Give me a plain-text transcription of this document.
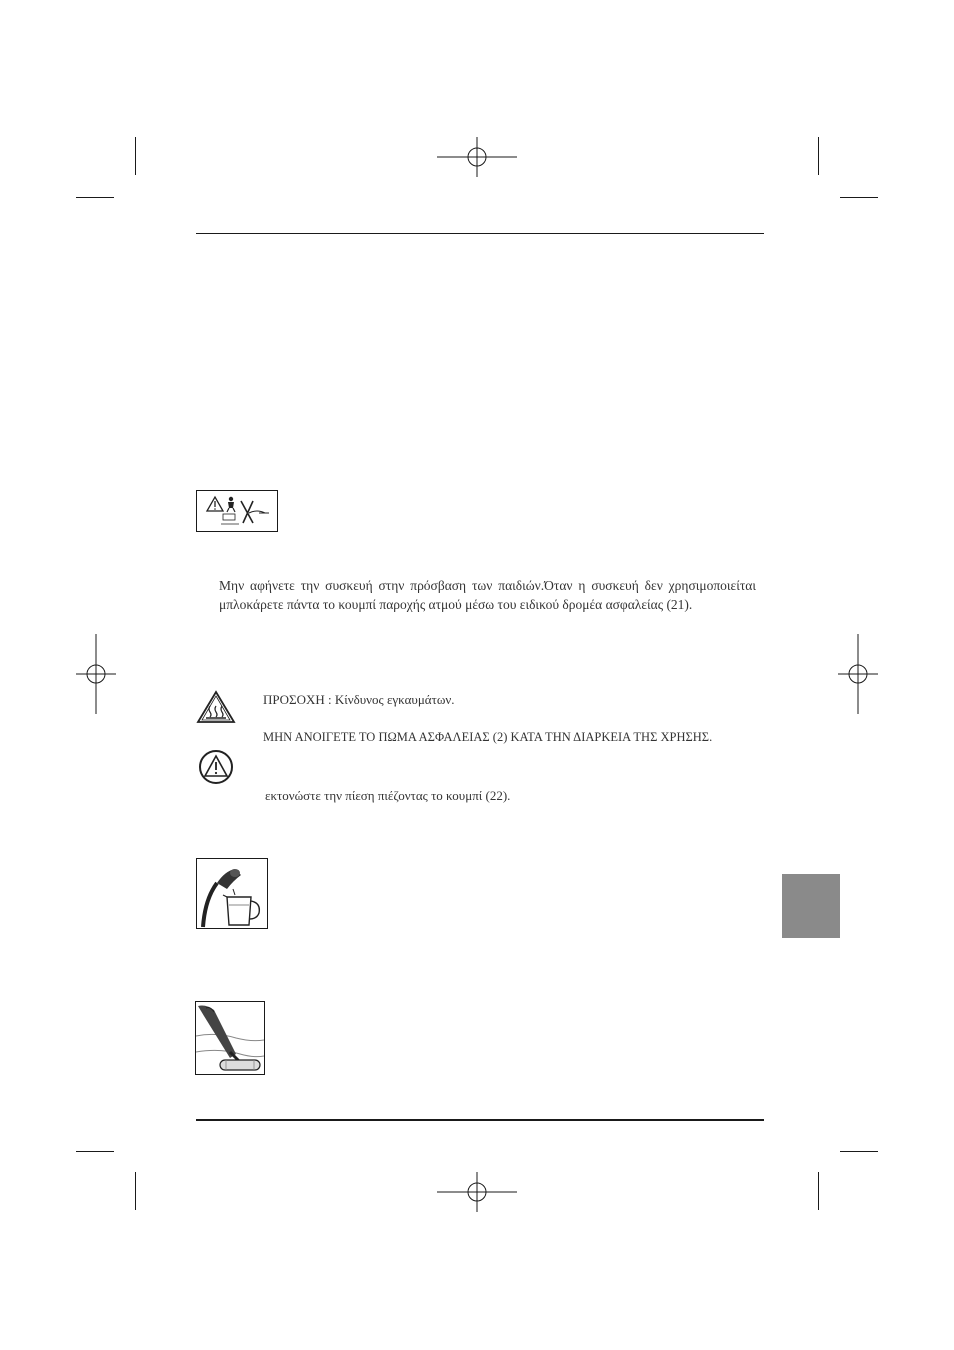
Μην αφήνετε την συσκευή στην πρόσβαση των παιδιών.Όταν η συσκευή δεν χρησιμοποιείται μπλοκάρετε πάντα το κουμπί παροχής ατμού μέσω του ειδικού δρομέα ασφαλείας (21).
ΠΡΟΣΟΧΗ : Κίνδυνος εγκαυμάτων.
ΜΗΝ ΑΝΟΙΓΕΤΕ ΤΟ ΠΩΜΑ ΑΣΦΑΛΕΙΑΣ (2) ΚΑΤΑ ΤΗΝ ΔΙΑΡΚΕΙΑ ΤΗΣ ΧΡΗΣΗΣ.
εκτονώστε την πίεση πιέζοντας το κουμπί (22).
